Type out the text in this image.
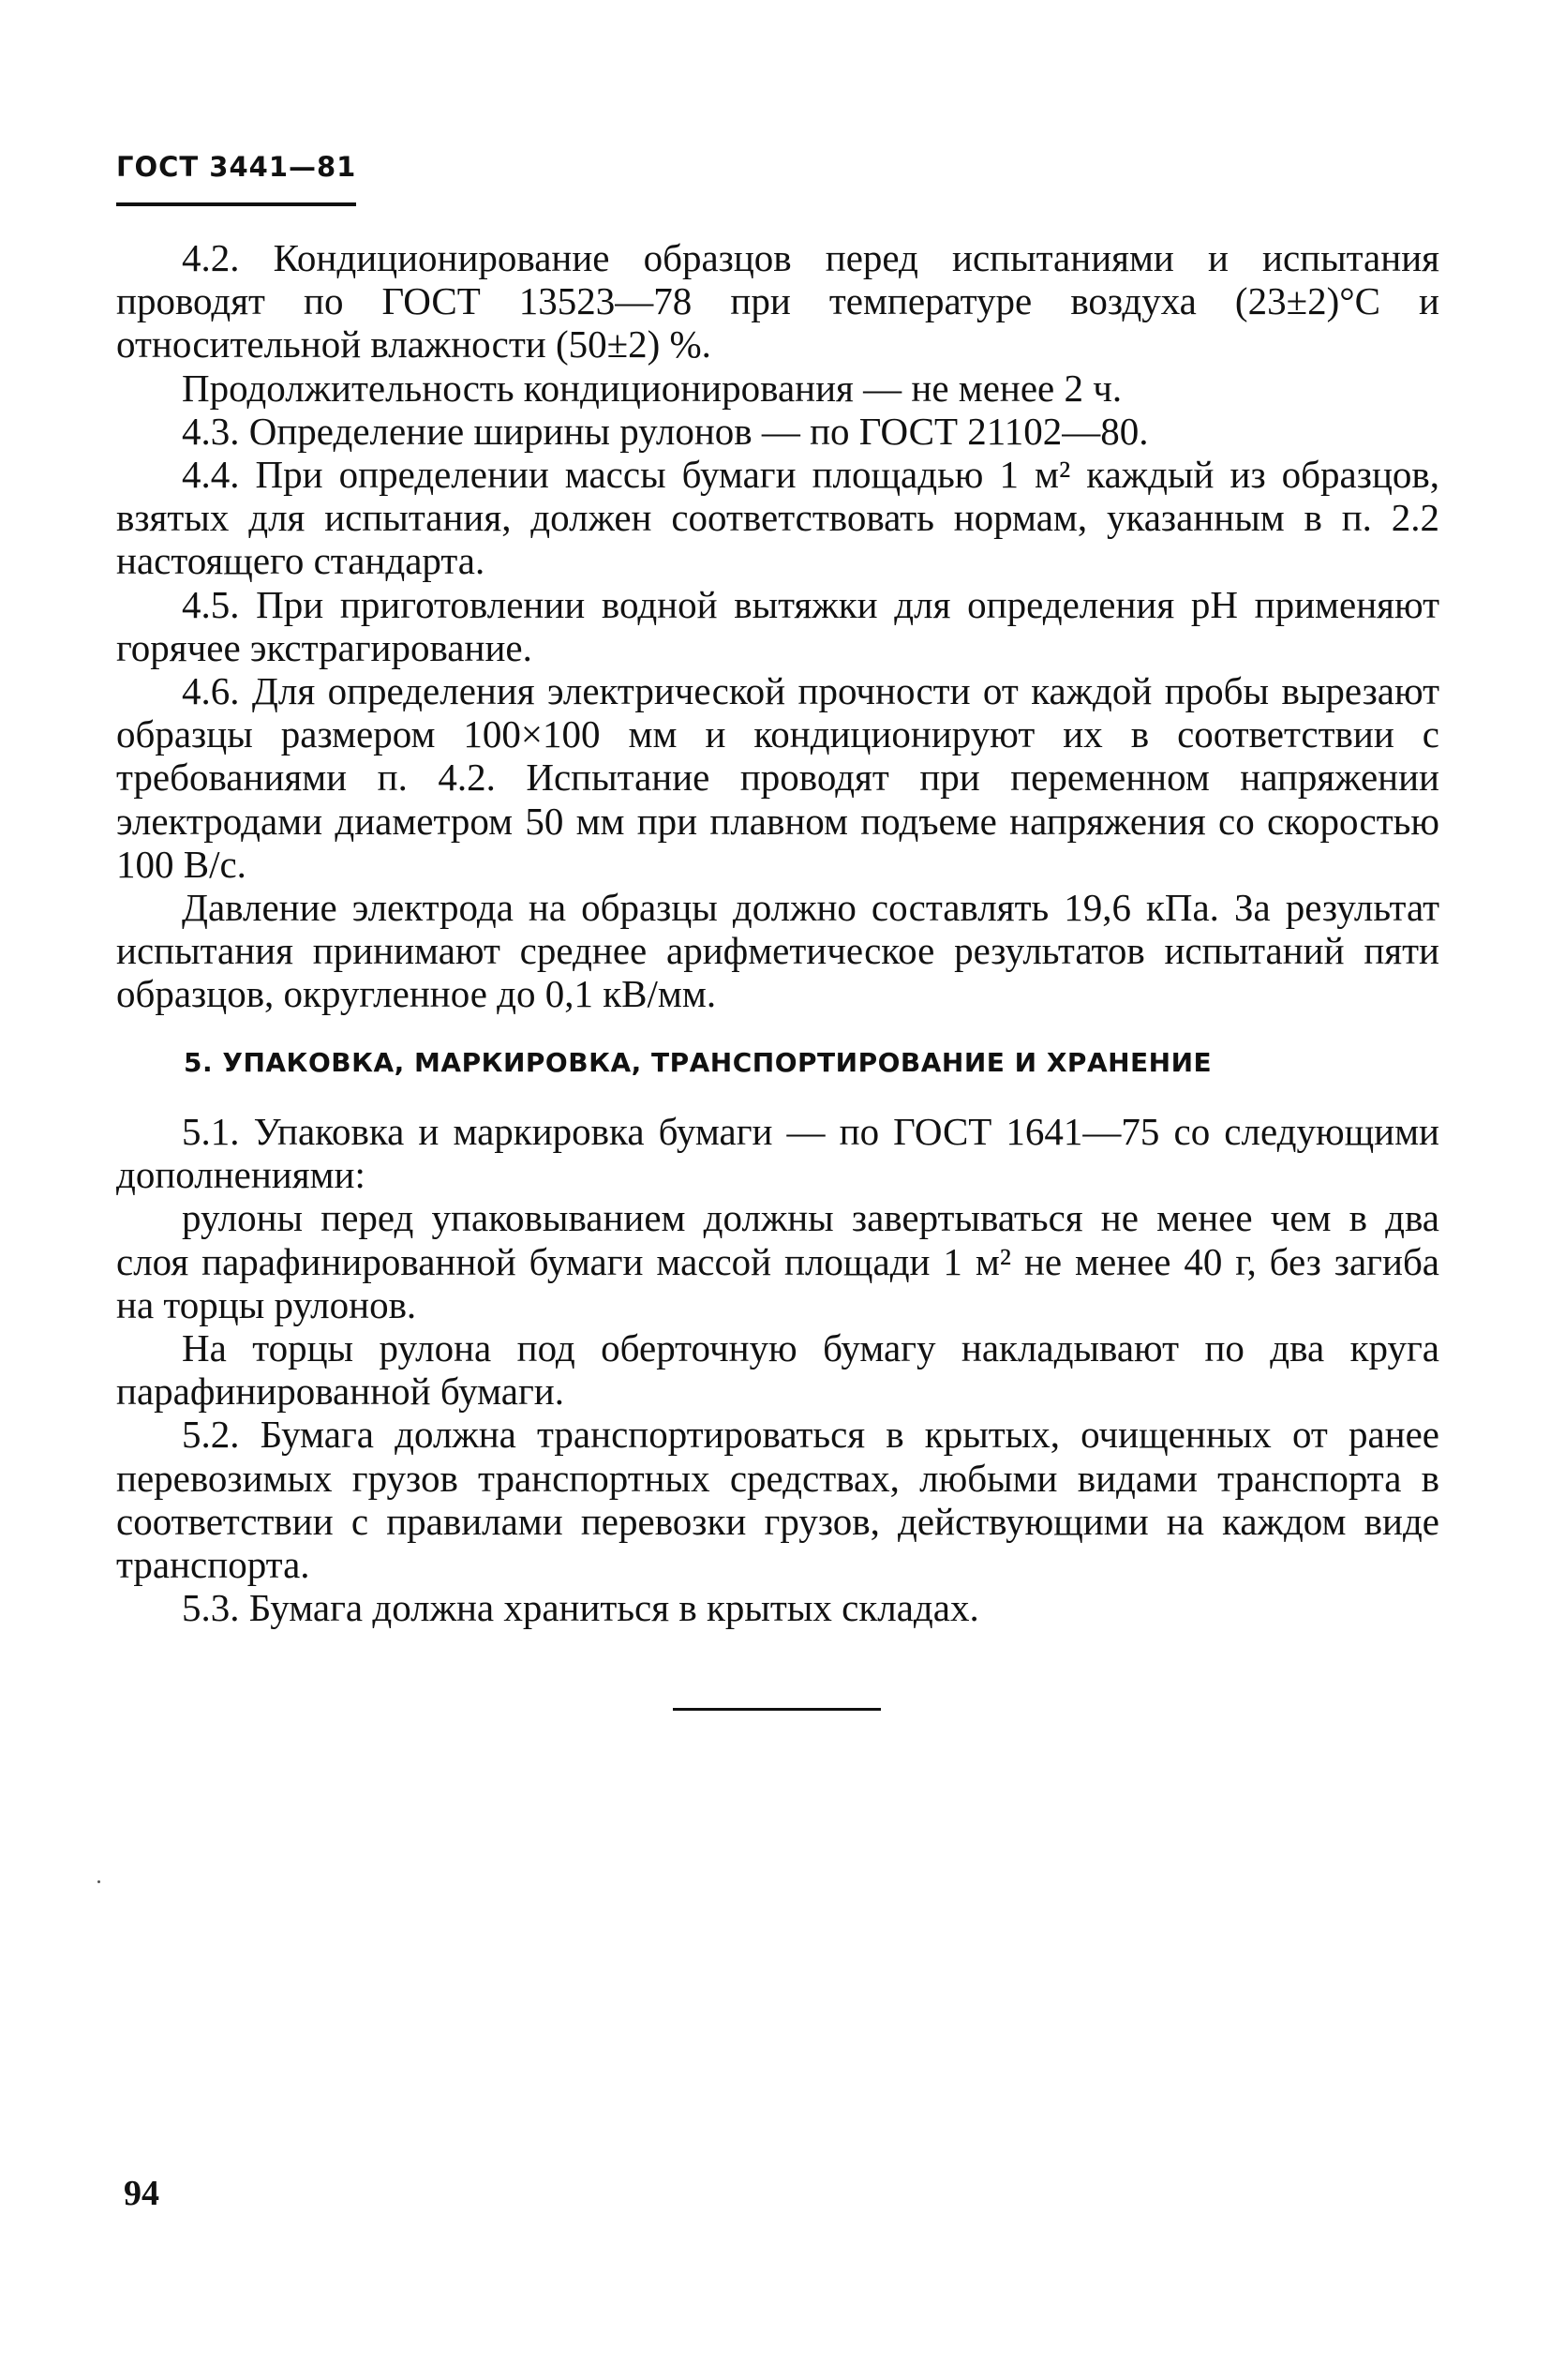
ГОСТ 3441—81

4.2. Кондиционирование образцов перед испытаниями и испытания проводят по ГОСТ 13523—78 при температуре воздуха (23±2)°С и относительной влажности (50±2) %.

Продолжительность кондиционирования — не менее 2 ч.

4.3. Определение ширины рулонов — по ГОСТ 21102—80.

4.4. При определении массы бумаги площадью 1 м² каждый из образцов, взятых для испытания, должен соответствовать нормам, указанным в п. 2.2 настоящего стандарта.

4.5. При приготовлении водной вытяжки для определения pH применяют горячее экстрагирование.

4.6. Для определения электрической прочности от каждой пробы вырезают образцы размером 100×100 мм и кондиционируют их в соответствии с требованиями п. 4.2. Испытание проводят при переменном напряжении электродами диаметром 50 мм при плавном подъеме напряжения со скоростью 100 В/с.

Давление электрода на образцы должно составлять 19,6 кПа. За результат испытания принимают среднее арифметическое результатов испытаний пяти образцов, округленное до 0,1 кВ/мм.

5. УПАКОВКА, МАРКИРОВКА, ТРАНСПОРТИРОВАНИЕ И ХРАНЕНИЕ

5.1. Упаковка и маркировка бумаги — по ГОСТ 1641—75 со следующими дополнениями:

рулоны перед упаковыванием должны завертываться не менее чем в два слоя парафинированной бумаги массой площади 1 м² не менее 40 г, без загиба на торцы рулонов.

На торцы рулона под оберточную бумагу накладывают по два круга парафинированной бумаги.

5.2. Бумага должна транспортироваться в крытых, очищенных от ранее перевозимых грузов транспортных средствах, любыми видами транспорта в соответствии с правилами перевозки грузов, действующими на каждом виде транспорта.

5.3. Бумага должна храниться в крытых складах.

94
